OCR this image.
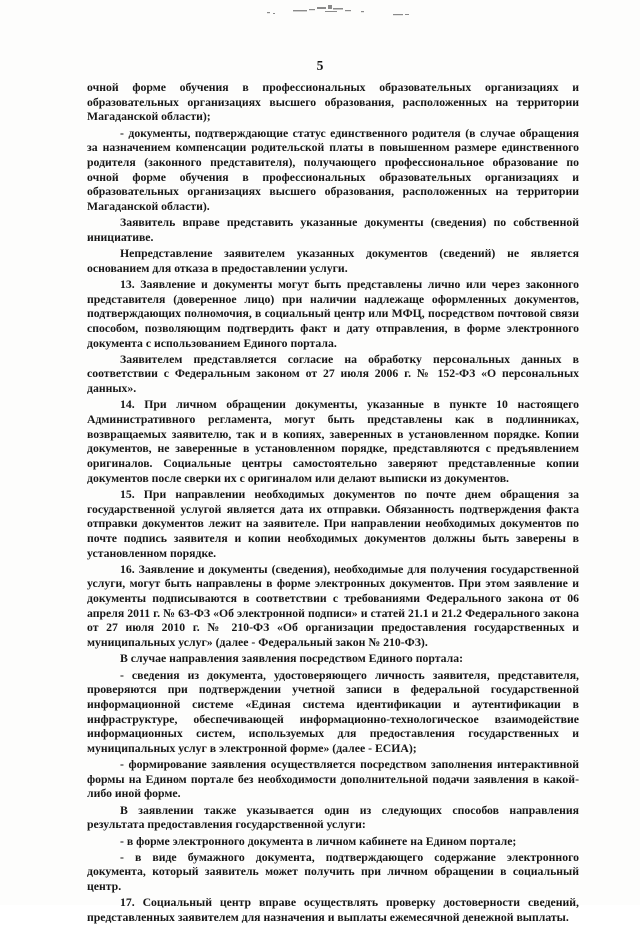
5

очной форме обучения в профессиональных образовательных организациях и образовательных организациях высшего образования, расположенных на территории Магаданской области);

- документы, подтверждающие статус единственного родителя (в случае обращения за назначением компенсации родительской платы в повышенном размере единственного родителя (законного представителя), получающего профессиональное образование по очной форме обучения в профессиональных образовательных организациях и образовательных организациях высшего образования, расположенных на территории Магаданской области).

Заявитель вправе представить указанные документы (сведения) по собственной инициативе.

Непредставление заявителем указанных документов (сведений) не является основанием для отказа в предоставлении услуги.

13. Заявление и документы могут быть представлены лично или через законного представителя (доверенное лицо) при наличии надлежаще оформленных документов, подтверждающих полномочия, в социальный центр или МФЦ, посредством почтовой связи способом, позволяющим подтвердить факт и дату отправления, в форме электронного документа с использованием Единого портала.

Заявителем представляется согласие на обработку персональных данных в соответствии с Федеральным законом от 27 июля 2006 г. № 152-ФЗ «О персональных данных».

14. При личном обращении документы, указанные в пункте 10 настоящего Административного регламента, могут быть представлены как в подлинниках, возвращаемых заявителю, так и в копиях, заверенных в установленном порядке. Копии документов, не заверенные в установленном порядке, представляются с предъявлением оригиналов. Социальные центры самостоятельно заверяют представленные копии документов после сверки их с оригиналом или делают выписки из документов.

15. При направлении необходимых документов по почте днем обращения за государственной услугой является дата их отправки. Обязанность подтверждения факта отправки документов лежит на заявителе. При направлении необходимых документов по почте подпись заявителя и копии необходимых документов должны быть заверены в установленном порядке.

16. Заявление и документы (сведения), необходимые для получения государственной услуги, могут быть направлены в форме электронных документов. При этом заявление и документы подписываются в соответствии с требованиями Федерального закона от 06 апреля 2011 г. № 63-ФЗ «Об электронной подписи» и статей 21.1 и 21.2 Федерального закона от 27 июля 2010 г. № 210-ФЗ «Об организации предоставления государственных и муниципальных услуг» (далее - Федеральный закон № 210-ФЗ).

В случае направления заявления посредством Единого портала:

- сведения из документа, удостоверяющего личность заявителя, представителя, проверяются при подтверждении учетной записи в федеральной государственной информационной системе «Единая система идентификации и аутентификации в инфраструктуре, обеспечивающей информационно-технологическое взаимодействие информационных систем, используемых для предоставления государственных и муниципальных услуг в электронной форме» (далее - ЕСИА);

- формирование заявления осуществляется посредством заполнения интерактивной формы на Едином портале без необходимости дополнительной подачи заявления в какой-либо иной форме.

В заявлении также указывается один из следующих способов направления результата предоставления государственной услуги:

- в форме электронного документа в личном кабинете на Едином портале;

- в виде бумажного документа, подтверждающего содержание электронного документа, который заявитель может получить при личном обращении в социальный центр.

17. Социальный центр вправе осуществлять проверку достоверности сведений, представленных заявителем для назначения и выплаты ежемесячной денежной выплаты.
